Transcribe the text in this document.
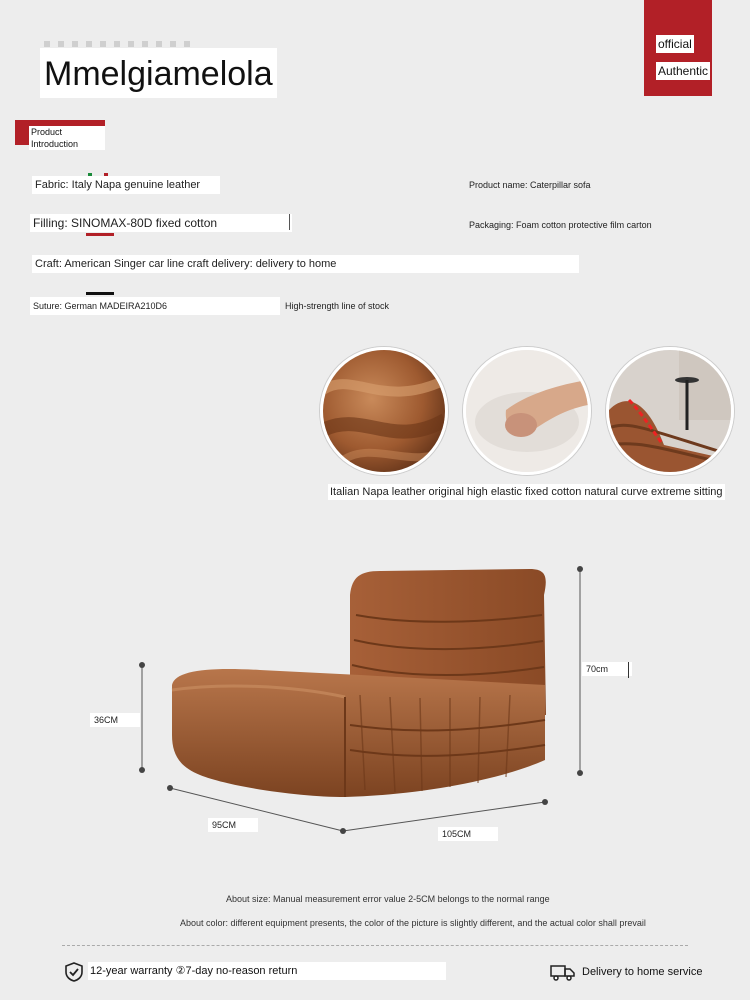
Mmelgiamelola
official
Authentic
Product Introduction
Fabric: Italy Napa genuine leather	Product name: Caterpillar sofa
Filling: SINOMAX-80D fixed cotton	Packaging: Foam cotton protective film carton
Craft: American Singer car line craft delivery: delivery to home
Suture: German MADEIRA210D6	High-strength line of stock
Italian Napa leather original high elastic fixed cotton natural curve extreme sitting
70cm
36CM
95CM
105CM
About size: Manual measurement error value 2-5CM belongs to the normal range
About color: different equipment presents, the color of the picture is slightly different, and the actual color shall prevail
12-year warranty ②7-day no-reason return	Delivery to home service
